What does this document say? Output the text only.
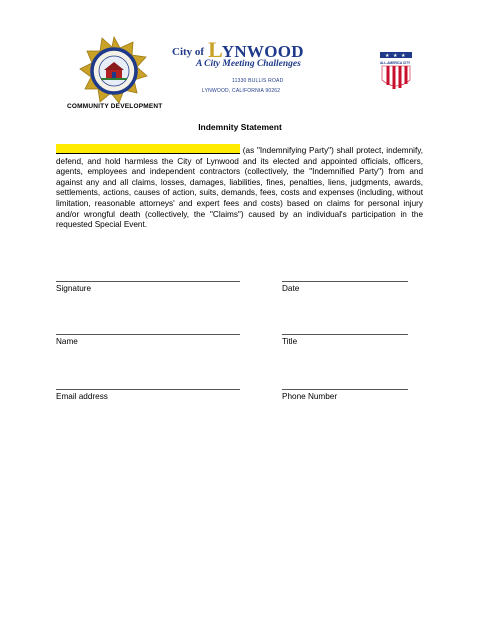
COMMUNITY DEVELOPMENT
City of LYNWOOD
A City Meeting Challenges
11330 BULLIS ROAD
LYNWOOD, CALIFORNIA 90262
★ ★ ★
ALL-AMERICA CITY
Indemnity Statement

(as "Indemnifying Party") shall protect, indemnify, defend, and hold harmless the City of Lynwood and its elected and appointed officials, officers, agents, employees and independent contractors (collectively, the "Indemnified Party") from and against any and all claims, losses, damages, liabilities, fines, penalties, liens, judgments, awards, settlements, actions, causes of action, suits, demands, fees, costs and expenses (including, without limitation, reasonable attorneys' and expert fees and costs) based on claims for personal injury and/or wrongful death (collectively, the "Claims") caused by an individual's participation in the requested Special Event.

Signature	Date
Name	Title
Email address	Phone Number
